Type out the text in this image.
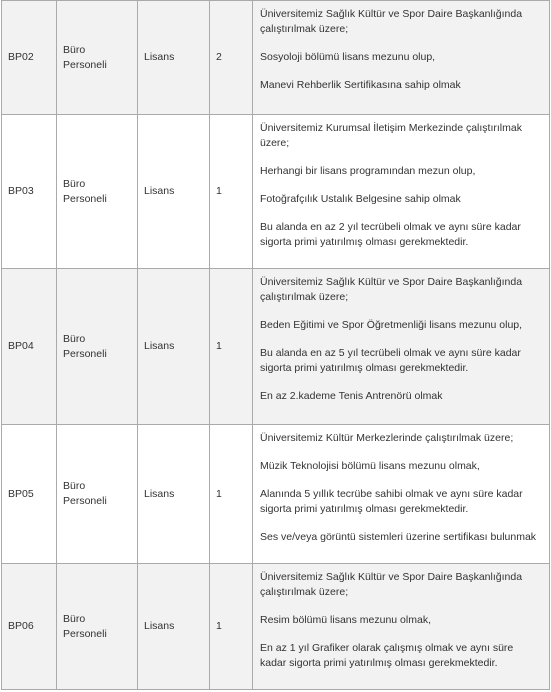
BP02	Büro Personeli	Lisans	2	Üniversitemiz Sağlık Kültür ve Spor Daire Başkanlığında çalıştırılmak üzere;

Sosyoloji bölümü lisans mezunu olup,

Manevi Rehberlik Sertifikasına sahip olmak

BP03	Büro Personeli	Lisans	1	Üniversitemiz Kurumsal İletişim Merkezinde çalıştırılmak üzere;

Herhangi bir lisans programından mezun olup,

Fotoğrafçılık Ustalık Belgesine sahip olmak

Bu alanda en az 2 yıl tecrübeli olmak ve aynı süre kadar sigorta primi yatırılmış olması gerekmektedir.

BP04	Büro Personeli	Lisans	1	Üniversitemiz Sağlık Kültür ve Spor Daire Başkanlığında çalıştırılmak üzere;

Beden Eğitimi ve Spor Öğretmenliği lisans mezunu olup,

Bu alanda en az 5 yıl tecrübeli olmak ve aynı süre kadar sigorta primi yatırılmış olması gerekmektedir.

En az 2.kademe Tenis Antrenörü olmak

BP05	Büro Personeli	Lisans	1	Üniversitemiz Kültür Merkezlerinde çalıştırılmak üzere;

Müzik Teknolojisi bölümü lisans mezunu olmak,

Alanında 5 yıllık tecrübe sahibi olmak ve aynı süre kadar sigorta primi yatırılmış olması gerekmektedir.

Ses ve/veya görüntü sistemleri üzerine sertifikası bulunmak

BP06	Büro Personeli	Lisans	1	Üniversitemiz Sağlık Kültür ve Spor Daire Başkanlığında çalıştırılmak üzere;

Resim bölümü lisans mezunu olmak,

En az 1 yıl Grafiker olarak çalışmış olmak ve aynı süre kadar sigorta primi yatırılmış olması gerekmektedir.
